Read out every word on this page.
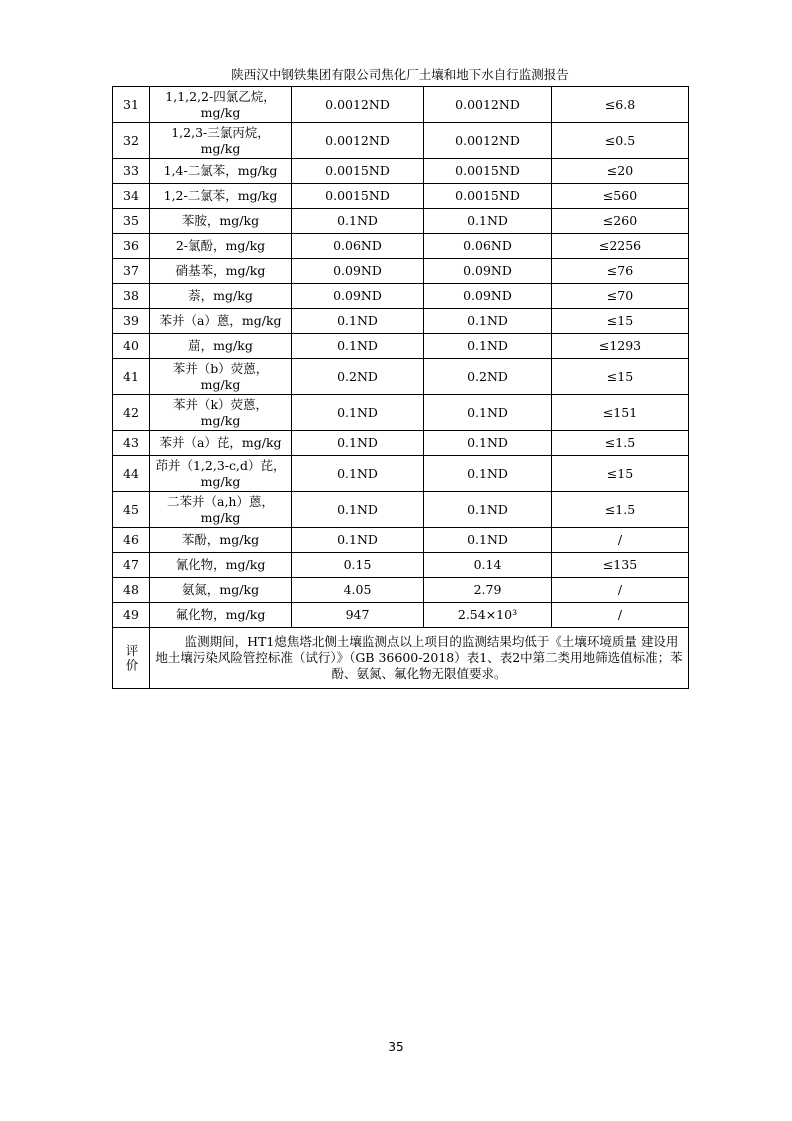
陕西汉中钢铁集团有限公司焦化厂土壤和地下水自行监测报告
31	1,1,2,2-四氯乙烷，mg/kg	0.0012ND	0.0012ND	≤6.8
32	1,2,3-三氯丙烷，mg/kg	0.0012ND	0.0012ND	≤0.5
33	1,4-二氯苯，mg/kg	0.0015ND	0.0015ND	≤20
34	1,2-二氯苯，mg/kg	0.0015ND	0.0015ND	≤560
35	苯胺，mg/kg	0.1ND	0.1ND	≤260
36	2-氯酚，mg/kg	0.06ND	0.06ND	≤2256
37	硝基苯，mg/kg	0.09ND	0.09ND	≤76
38	萘，mg/kg	0.09ND	0.09ND	≤70
39	苯并（a）蒽，mg/kg	0.1ND	0.1ND	≤15
40	䓛，mg/kg	0.1ND	0.1ND	≤1293
41	苯并（b）荧蒽，mg/kg	0.2ND	0.2ND	≤15
42	苯并（k）荧蒽，mg/kg	0.1ND	0.1ND	≤151
43	苯并（a）芘，mg/kg	0.1ND	0.1ND	≤1.5
44	茚并（1,2,3-c,d）芘，mg/kg	0.1ND	0.1ND	≤15
45	二苯并（a,h）蒽，mg/kg	0.1ND	0.1ND	≤1.5
46	苯酚，mg/kg	0.1ND	0.1ND	/
47	氰化物，mg/kg	0.15	0.14	≤135
48	氨氮，mg/kg	4.05	2.79	/
49	氟化物，mg/kg	947	2.54×10³	/
评价	监测期间，HT1熄焦塔北侧土壤监测点以上项目的监测结果均低于《土壤环境质量 建设用地土壤污染风险管控标准（试行）》（GB 36600-2018）表1、表2中第二类用地筛选值标准；苯酚、氨氮、氟化物无限值要求。			
35
